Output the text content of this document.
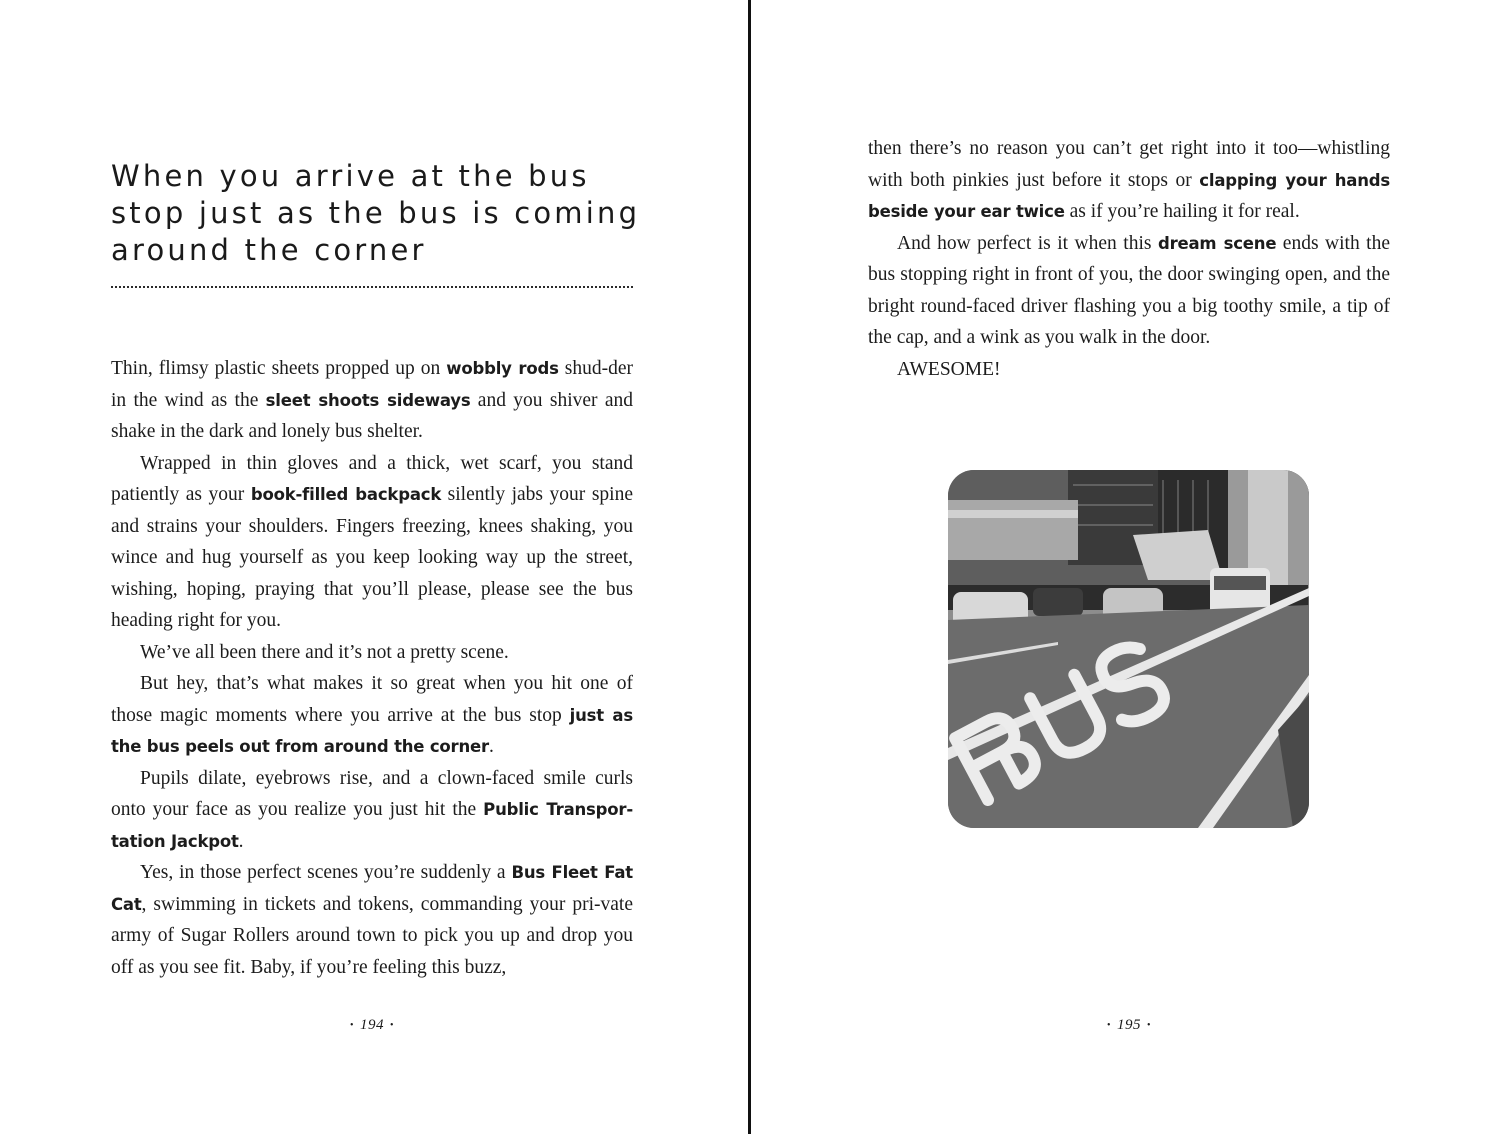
When you arrive at the bus stop just as the bus is coming around the corner

Thin, flimsy plastic sheets propped up on wobbly rods shud-der in the wind as the sleet shoots sideways and you shiver and shake in the dark and lonely bus shelter.

Wrapped in thin gloves and a thick, wet scarf, you stand patiently as your book-filled backpack silently jabs your spine and strains your shoulders. Fingers freezing, knees shaking, you wince and hug yourself as you keep looking way up the street, wishing, hoping, praying that you’ll please, please see the bus heading right for you.

We’ve all been there and it’s not a pretty scene.

But hey, that’s what makes it so great when you hit one of those magic moments where you arrive at the bus stop just as the bus peels out from around the corner.

Pupils dilate, eyebrows rise, and a clown-faced smile curls onto your face as you realize you just hit the Public Transpor-tation Jackpot.

Yes, in those perfect scenes you’re suddenly a Bus Fleet Fat Cat, swimming in tickets and tokens, commanding your pri-vate army of Sugar Rollers around town to pick you up and drop you off as you see fit. Baby, if you’re feeling this buzz,

• 194 •

then there’s no reason you can’t get right into it too—whistling with both pinkies just before it stops or clapping your hands beside your ear twice as if you’re hailing it for real.

And how perfect is it when this dream scene ends with the bus stopping right in front of you, the door swinging open, and the bright round-faced driver flashing you a big toothy smile, a tip of the cap, and a wink as you walk in the door.

AWESOME!

• 195 •
